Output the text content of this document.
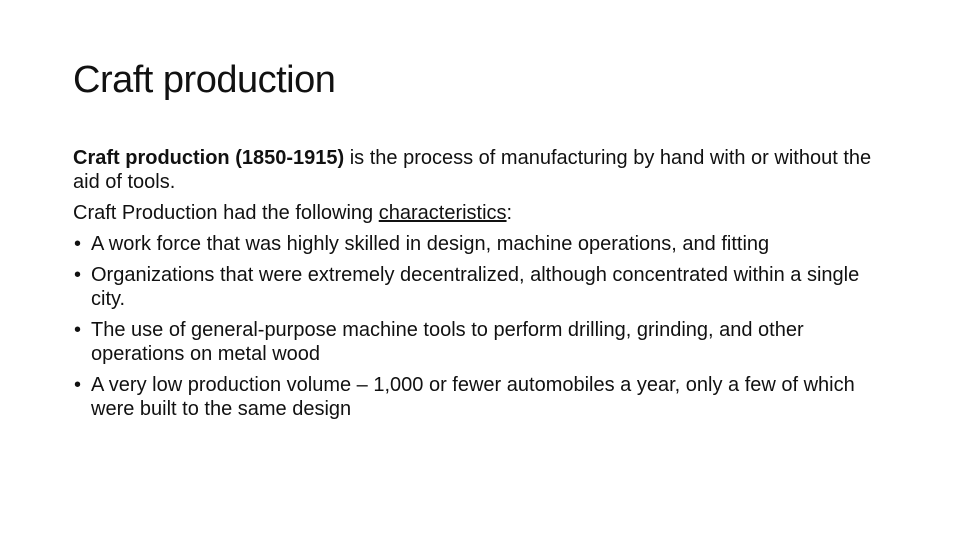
Craft production

Craft production (1850-1915) is the process of manufacturing by hand with or without the aid of tools.

Craft Production had the following characteristics:

• A work force that was highly skilled in design, machine operations, and fitting
• Organizations that were extremely decentralized, although concentrated within a single city.
• The use of general-purpose machine tools to perform drilling, grinding, and other operations on metal wood
• A very low production volume – 1,000 or fewer automobiles a year, only a few of which were built to the same design
